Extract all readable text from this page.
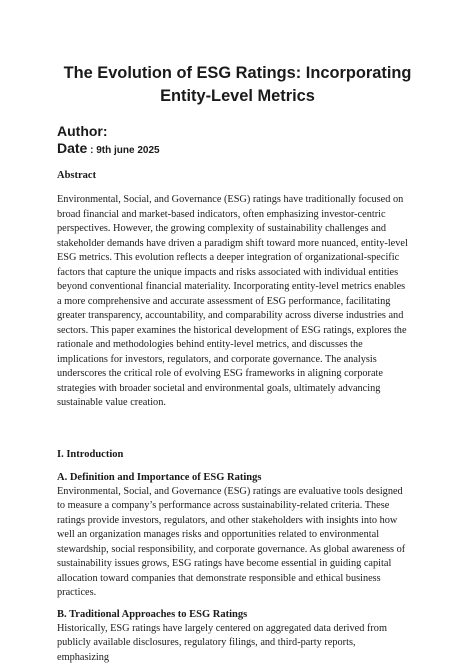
The Evolution of ESG Ratings: Incorporating Entity-Level Metrics

Author:

Date : 9th june 2025

Abstract

Environmental, Social, and Governance (ESG) ratings have traditionally focused on broad financial and market-based indicators, often emphasizing investor-centric perspectives. However, the growing complexity of sustainability challenges and stakeholder demands have driven a paradigm shift toward more nuanced, entity-level ESG metrics. This evolution reflects a deeper integration of organizational-specific factors that capture the unique impacts and risks associated with individual entities beyond conventional financial materiality. Incorporating entity-level metrics enables a more comprehensive and accurate assessment of ESG performance, facilitating greater transparency, accountability, and comparability across diverse industries and sectors. This paper examines the historical development of ESG ratings, explores the rationale and methodologies behind entity-level metrics, and discusses the implications for investors, regulators, and corporate governance. The analysis underscores the critical role of evolving ESG frameworks in aligning corporate strategies with broader societal and environmental goals, ultimately advancing sustainable value creation.

I. Introduction
A. Definition and Importance of ESG Ratings

Environmental, Social, and Governance (ESG) ratings are evaluative tools designed to measure a company’s performance across sustainability-related criteria. These ratings provide investors, regulators, and other stakeholders with insights into how well an organization manages risks and opportunities related to environmental stewardship, social responsibility, and corporate governance. As global awareness of sustainability issues grows, ESG ratings have become essential in guiding capital allocation toward companies that demonstrate responsible and ethical business practices.

B. Traditional Approaches to ESG Ratings

Historically, ESG ratings have largely centered on aggregated data derived from publicly available disclosures, regulatory filings, and third-party reports, emphasizing
